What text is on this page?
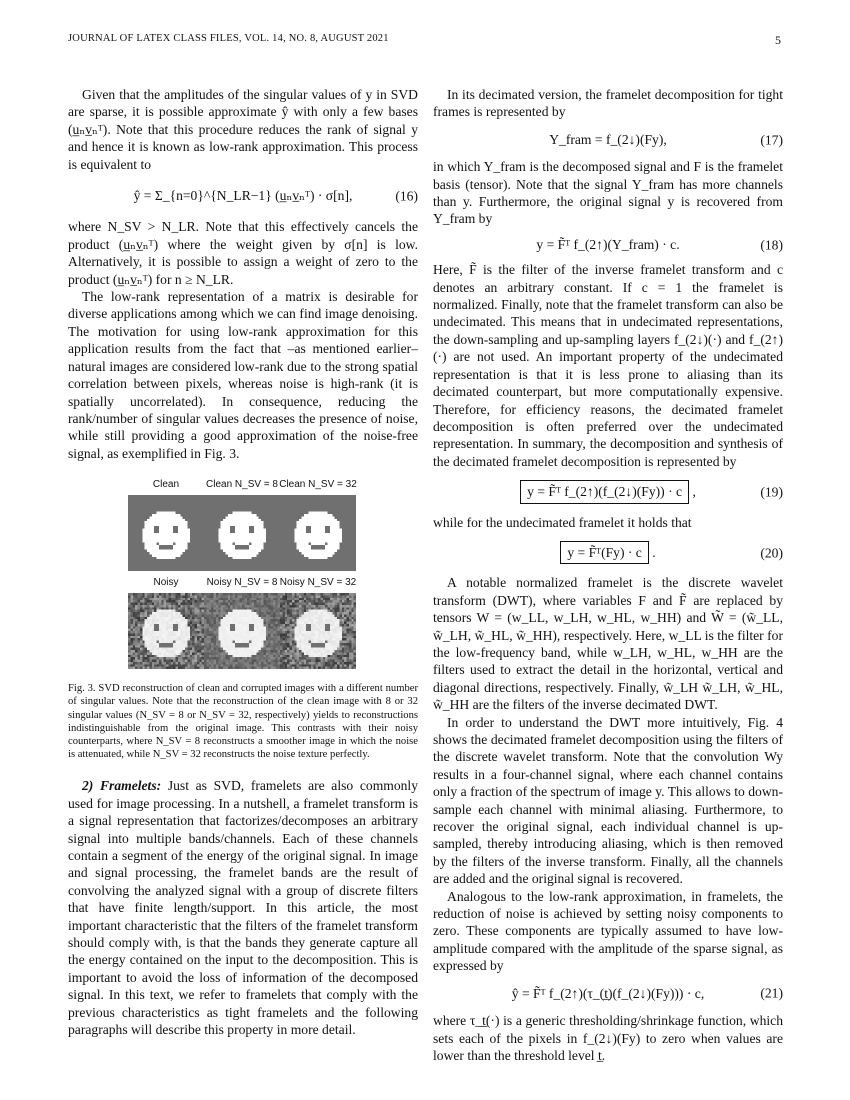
JOURNAL OF LATEX CLASS FILES, VOL. 14, NO. 8, AUGUST 2021	5

Given that the amplitudes of the singular values of y in SVD are sparse, it is possible approximate ŷ with only a few bases (u̲ₙv̲ₙᵀ). Note that this procedure reduces the rank of signal y and hence it is known as low-rank approximation. This process is equivalent to

ŷ = Σ_{n=0}^{N_LR−1} (u̲ₙv̲ₙᵀ) · σ[n],	(16)

where N_SV > N_LR. Note that this effectively cancels the product (u̲ₙv̲ₙᵀ) where the weight given by σ[n] is low. Alternatively, it is possible to assign a weight of zero to the product (u̲ₙv̲ₙᵀ) for n ≥ N_LR.

The low-rank representation of a matrix is desirable for diverse applications among which we can find image denoising. The motivation for using low-rank approximation for this application results from the fact that –as mentioned earlier– natural images are considered low-rank due to the strong spatial correlation between pixels, whereas noise is high-rank (it is spatially uncorrelated). In consequence, reducing the rank/number of singular values decreases the presence of noise, while still providing a good approximation of the noise-free signal, as exemplified in Fig. 3.

Clean	Clean N_SV = 8 Clean N_SV = 32
Noisy	Noisy N_SV = 8 Noisy N_SV = 32
Fig. 3. SVD reconstruction of clean and corrupted images with a different number of singular values. Note that the reconstruction of the clean image with 8 or 32 singular values (N_SV = 8 or N_SV = 32, respectively) yields to reconstructions indistinguishable from the original image. This contrasts with their noisy counterparts, where N_SV = 8 reconstructs a smoother image in which the noise is attenuated, while N_SV = 32 reconstructs the noise texture perfectly.

2) Framelets: Just as SVD, framelets are also commonly used for image processing. In a nutshell, a framelet transform is a signal representation that factorizes/decomposes an arbitrary signal into multiple bands/channels. Each of these channels contain a segment of the energy of the original signal. In image and signal processing, the framelet bands are the result of convolving the analyzed signal with a group of discrete filters that have finite length/support. In this article, the most important characteristic that the filters of the framelet transform should comply with, is that the bands they generate capture all the energy contained on the input to the decomposition. This is important to avoid the loss of information of the decomposed signal. In this text, we refer to framelets that comply with the previous characteristics as tight framelets and the following paragraphs will describe this property in more detail.

In its decimated version, the framelet decomposition for tight frames is represented by

Y_fram = f_(2↓)(Fy),	(17)

in which Y_fram is the decomposed signal and F is the framelet basis (tensor). Note that the signal Y_fram has more channels than y. Furthermore, the original signal y is recovered from Y_fram by

y = F̃ᵀ f_(2↑)(Y_fram) · c.	(18)

Here, F̃ is the filter of the inverse framelet transform and c denotes an arbitrary constant. If c = 1 the framelet is normalized. Finally, note that the framelet transform can also be undecimated. This means that in undecimated representations, the down-sampling and up-sampling layers f_(2↓)(·) and f_(2↑)(·) are not used. An important property of the undecimated representation is that it is less prone to aliasing than its decimated counterpart, but more computationally expensive. Therefore, for efficiency reasons, the decimated framelet decomposition is often preferred over the undecimated representation. In summary, the decomposition and synthesis of the decimated framelet decomposition is represented by

y = F̃ᵀ f_(2↑)(f_(2↓)(Fy)) · c ,	(19)

while for the undecimated framelet it holds that

y = F̃ᵀ(Fy) · c .	(20)

A notable normalized framelet is the discrete wavelet transform (DWT), where variables F and F̃ are replaced by tensors W = (w_LL, w_LH, w_HL, w_HH) and W̃ = (w̃_LL, w̃_LH, w̃_HL, w̃_HH), respectively. Here, w_LL is the filter for the low-frequency band, while w_LH, w_HL, w_HH are the filters used to extract the detail in the horizontal, vertical and diagonal directions, respectively. Finally, w̃_LH w̃_LH, w̃_HL, w̃_HH are the filters of the inverse decimated DWT.

In order to understand the DWT more intuitively, Fig. 4 shows the decimated framelet decomposition using the filters of the discrete wavelet transform. Note that the convolution Wy results in a four-channel signal, where each channel contains only a fraction of the spectrum of image y. This allows to down-sample each channel with minimal aliasing. Furthermore, to recover the original signal, each individual channel is up-sampled, thereby introducing aliasing, which is then removed by the filters of the inverse transform. Finally, all the channels are added and the original signal is recovered.

Analogous to the low-rank approximation, in framelets, the reduction of noise is achieved by setting noisy components to zero. These components are typically assumed to have low-amplitude compared with the amplitude of the sparse signal, as expressed by

ŷ = F̃ᵀ f_(2↑)(τ_(t̲)(f_(2↓)(Fy))) · c,	(21)

where τ_t̲(·) is a generic thresholding/shrinkage function, which sets each of the pixels in f_(2↓)(Fy) to zero when values are lower than the threshold level t̲.
